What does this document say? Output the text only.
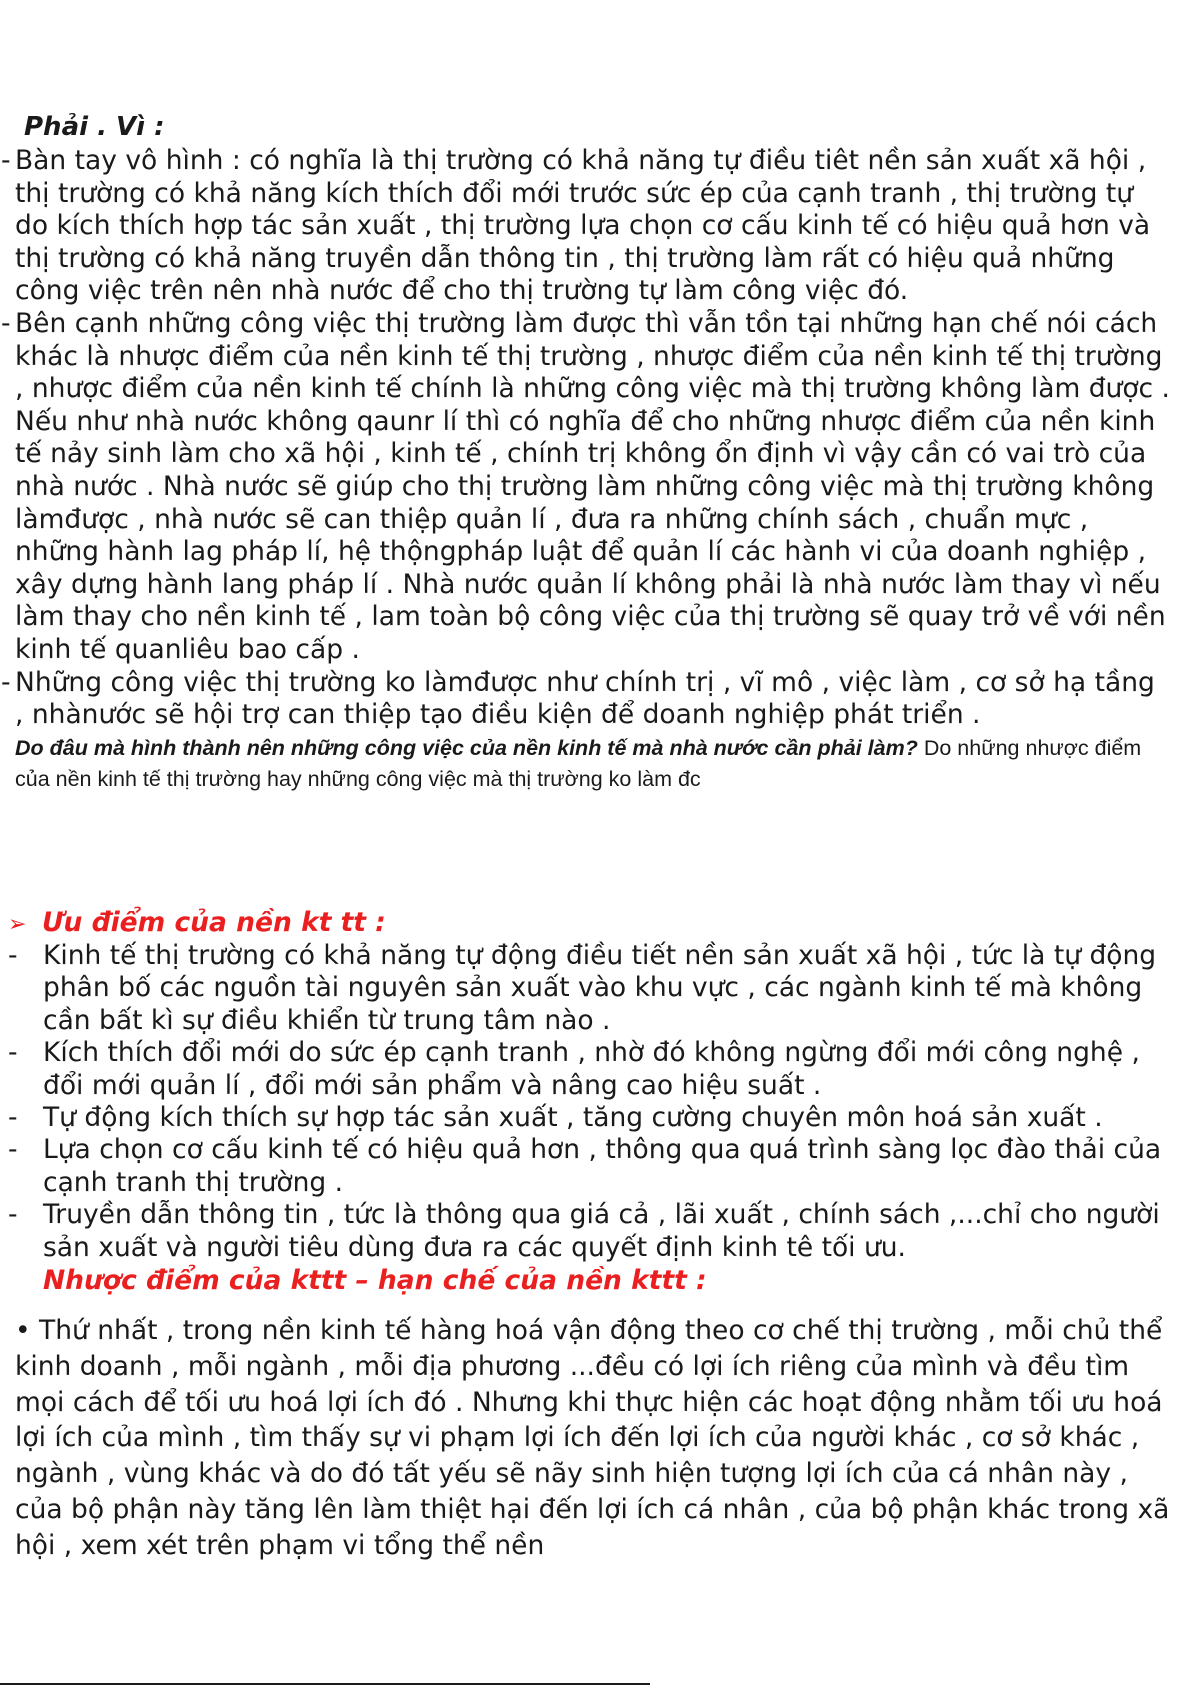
Phải . Vì :

- Bàn tay vô hình : có nghĩa là thị trường có khả năng tự điều tiêt nền sản xuất xã hội , thị trường có khả năng kích thích đổi mới trước sức ép của cạnh tranh , thị trường tự do kích thích hợp tác sản xuất , thị trường lựa chọn cơ cấu kinh tế có hiệu quả hơn và thị trường có khả năng truyền dẫn thông tin , thị trường làm rất có hiệu quả những công việc trên nên nhà nước để cho thị trường tự làm công việc đó.
- Bên cạnh những công việc thị trường làm được thì vẫn tồn tại những hạn chế nói cách khác là nhược điểm của nền kinh tế thị trường , nhược điểm của nền kinh tế thị trường , nhược điểm của nền kinh tế chính là những công việc mà thị trường không làm được . Nếu như nhà nước không qaunr lí thì có nghĩa để cho những nhược điểm của nền kinh tế nảy sinh làm cho xã hội , kinh tế , chính trị không ổn định vì vậy cần có vai trò của nhà nước . Nhà nước sẽ giúp cho thị trường làm những công việc mà thị trường không làmđược , nhà nước sẽ can thiệp quản lí , đưa ra những chính sách , chuẩn mực , những hành lag pháp lí, hệ thộngpháp luật để quản lí các hành vi của doanh nghiệp , xây dựng hành lang pháp lí . Nhà nước quản lí không phải là nhà nước làm thay vì nếu làm thay cho nền kinh tế , lam toàn bộ công việc của thị trường sẽ quay trở về với nền kinh tế quanliêu bao cấp .
- Những công việc thị trường ko làmđược như chính trị , vĩ mô , việc làm , cơ sở hạ tầng , nhànước sẽ hội trợ can thiệp tạo điều kiện để doanh nghiệp phát triển .
Do đâu mà hình thành nên những công việc của nền kinh tế mà nhà nước cần phải làm? Do những nhược điểm của nền kinh tế thị trường hay những công việc mà thị trường ko làm đc
➢ Ưu điểm của nền kt tt :
- Kinh tế thị trường có khả năng tự động điều tiết nền sản xuất xã hội , tức là tự động phân bố các nguồn tài nguyên sản xuất vào khu vực , các ngành kinh tế mà không cần bất kì sự điều khiển từ trung tâm nào .
- Kích thích đổi mới do sức ép cạnh tranh , nhờ đó không ngừng đổi mới công nghệ , đổi mới quản lí , đổi mới sản phẩm và nâng cao hiệu suất .
- Tự động kích thích sự hợp tác sản xuất , tăng cường chuyên môn hoá sản xuất .
- Lựa chọn cơ cấu kinh tế có hiệu quả hơn , thông qua quá trình sàng lọc đào thải của cạnh tranh thị trường .
- Truyền dẫn thông tin , tức là thông qua giá cả , lãi xuất , chính sách ,...chỉ cho người sản xuất và người tiêu dùng đưa ra các quyết định kinh tê tối ưu.
Nhược điểm của kttt – hạn chế của nền kttt :
• Thứ nhất , trong nền kinh tế hàng hoá vận động theo cơ chế thị trường , mỗi chủ thể kinh doanh , mỗi ngành , mỗi địa phương ...đều có lợi ích riêng của mình và đều tìm mọi cách để tối ưu hoá lợi ích đó . Nhưng khi thực hiện các hoạt động nhằm tối ưu hoá lợi ích của mình , tìm thấy sự vi phạm lợi ích đến lợi ích của người khác , cơ sở khác , ngành , vùng khác và do đó tất yếu sẽ nãy sinh hiện tượng lợi ích của cá nhân này , của bộ phận này tăng lên làm thiệt hại đến lợi ích cá nhân , của bộ phận khác trong xã hội , xem xét trên phạm vi tổng thể nền
